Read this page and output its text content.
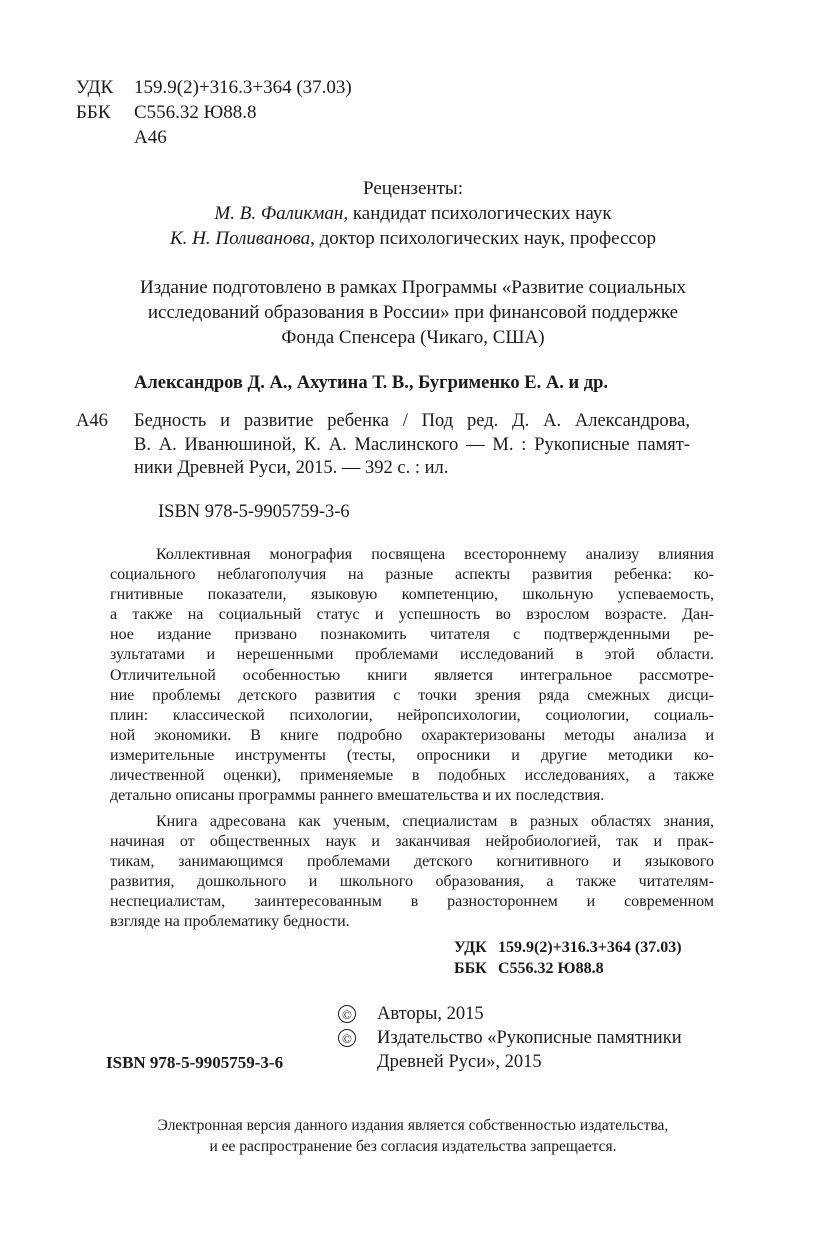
УДК 159.9(2)+316.3+364 (37.03)
ББК С556.32 Ю88.8
А46
Рецензенты:
М. В. Фаликман, кандидат психологических наук
К. Н. Поливанова, доктор психологических наук, профессор
Издание подготовлено в рамках Программы «Развитие социальных
исследований образования в России» при финансовой поддержке
Фонда Спенсера (Чикаго, США)
Александров Д. А., Ахутина Т. В., Бугрименко Е. А. и др.
А46 Бедность и развитие ребенка / Под ред. Д. А. Александрова,
В. А. Иванюшиной, К. А. Маслинского — М. : Рукописные памят-
ники Древней Руси, 2015. — 392 с. : ил.
ISBN 978-5-9905759-3-6
Коллективная монография посвящена всестороннему анализу влияния
социального неблагополучия на разные аспекты развития ребенка: ко-
гнитивные показатели, языковую компетенцию, школьную успеваемость,
а также на социальный статус и успешность во взрослом возрасте. Дан-
ное издание призвано познакомить читателя с подтвержденными ре-
зультатами и нерешенными проблемами исследований в этой области.
Отличительной особенностью книги является интегральное рассмотре-
ние проблемы детского развития с точки зрения ряда смежных дисци-
плин: классической психологии, нейропсихологии, социологии, социаль-
ной экономики. В книге подробно охарактеризованы методы анализа и
измерительные инструменты (тесты, опросники и другие методики ко-
личественной оценки), применяемые в подобных исследованиях, а также
детально описаны программы раннего вмешательства и их последствия.
Книга адресована как ученым, специалистам в разных областях знания,
начиная от общественных наук и заканчивая нейробиологией, так и прак-
тикам, занимающимся проблемами детского когнитивного и языкового
развития, дошкольного и школьного образования, а также читателям-
неспециалистам, заинтересованным в разностороннем и современном
взгляде на проблематику бедности.
УДК 159.9(2)+316.3+364 (37.03)
ББК С556.32 Ю88.8
ISBN 978-5-9905759-3-6
© Авторы, 2015
© Издательство «Рукописные памятники
Древней Руси», 2015
Электронная версия данного издания является собственностью издательства,
и ее распространение без согласия издательства запрещается.
